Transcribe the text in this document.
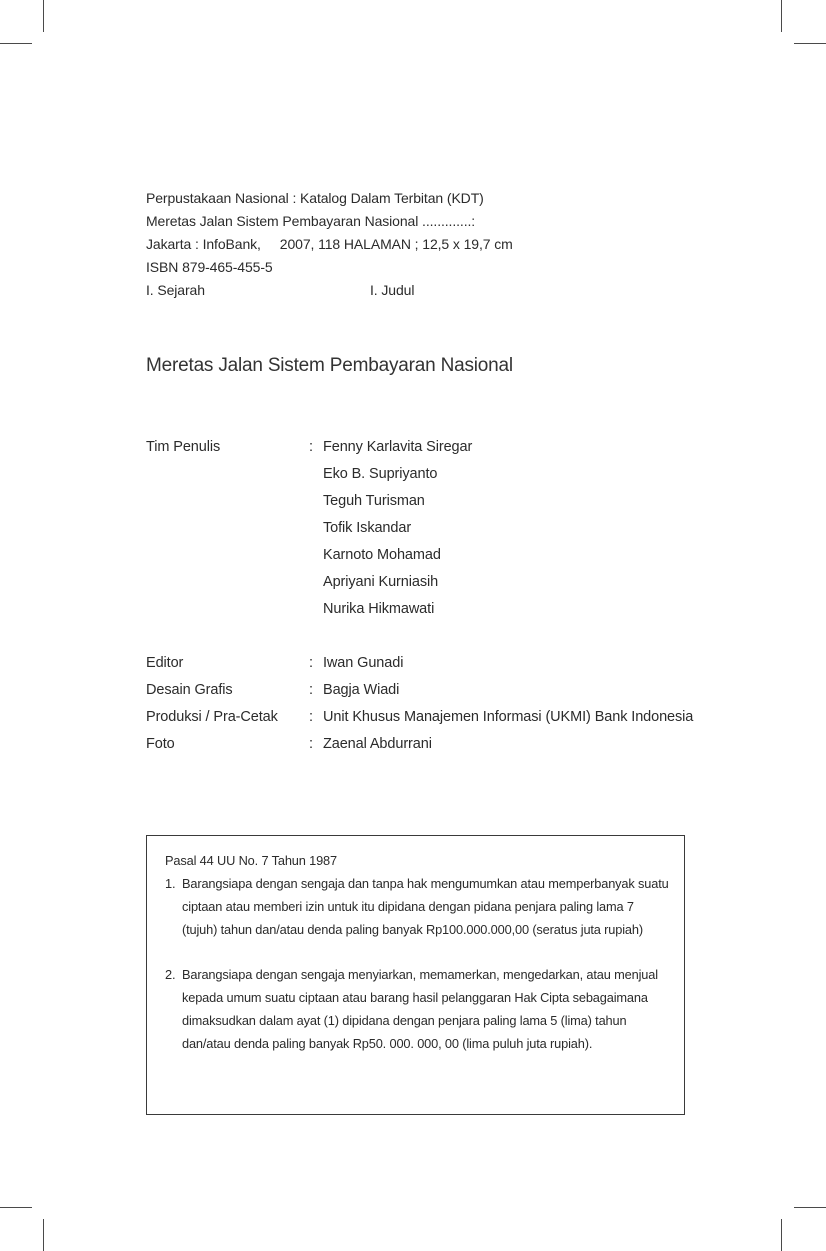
Perpustakaan Nasional : Katalog Dalam Terbitan (KDT)
Meretas Jalan Sistem Pembayaran Nasional .............:
Jakarta : InfoBank,     2007, 118 HALAMAN ; 12,5 x 19,7 cm
ISBN 879-465-455-5
I. Sejarah	I. Judul
Meretas Jalan Sistem Pembayaran Nasional
Tim Penulis	: Fenny Karlavita Siregar
Eko B. Supriyanto
Teguh Turisman
Tofik Iskandar
Karnoto Mohamad
Apriyani Kurniasih
Nurika Hikmawati
Editor	: Iwan Gunadi
Desain Grafis	: Bagja Wiadi
Produksi / Pra-Cetak	: Unit Khusus Manajemen Informasi (UKMI) Bank Indonesia
Foto	: Zaenal Abdurrani
Pasal 44 UU No. 7 Tahun 1987
1. Barangsiapa dengan sengaja dan tanpa hak mengumumkan atau memperbanyak suatu ciptaan atau memberi izin untuk itu dipidana dengan pidana penjara paling lama 7 (tujuh) tahun dan/atau denda paling banyak Rp100.000.000,00 (seratus juta rupiah)
2. Barangsiapa dengan sengaja menyiarkan, memamerkan, mengedarkan, atau menjual kepada umum suatu ciptaan atau barang hasil pelanggaran Hak Cipta sebagaimana dimaksudkan dalam ayat (1) dipidana dengan penjara paling lama 5 (lima) tahun dan/atau denda paling banyak Rp50. 000. 000, 00 (lima puluh juta rupiah).
